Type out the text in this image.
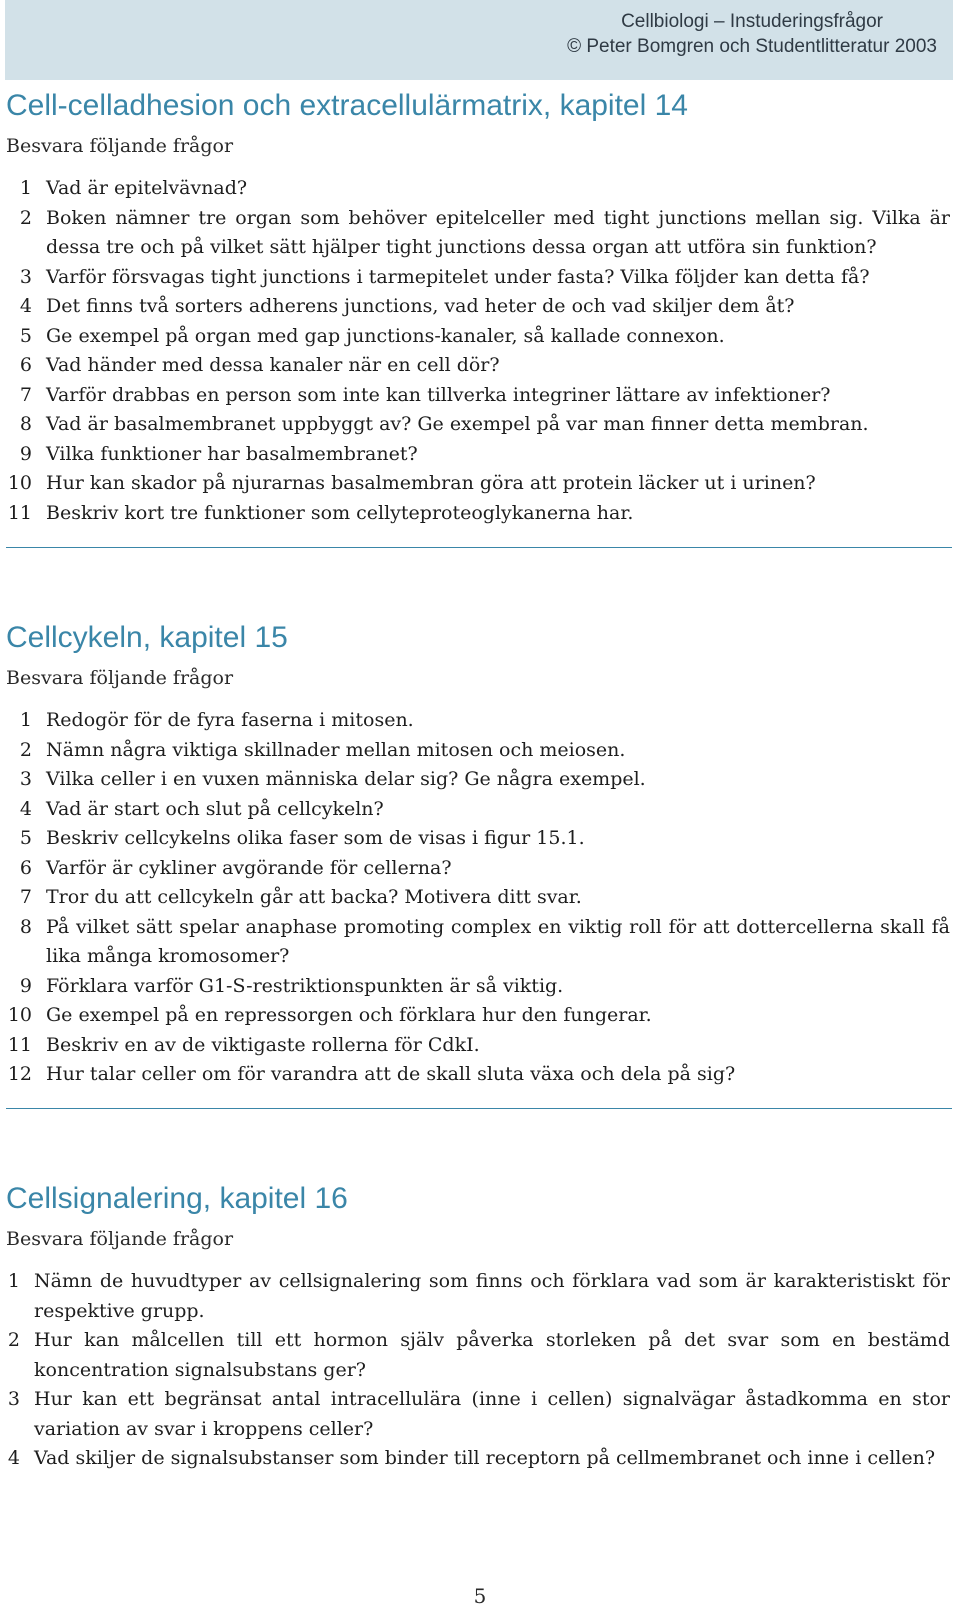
Cellbiologi – Instuderingsfrågor
© Peter Bomgren och Studentlitteratur 2003
Cell-celladhesion och extracellulärmatrix, kapitel 14
Besvara följande frågor
1 Vad är epitelvävnad?
2 Boken nämner tre organ som behöver epitelceller med tight junctions mellan sig. Vilka är dessa tre och på vilket sätt hjälper tight junctions dessa organ att utföra sin funktion?
3 Varför försvagas tight junctions i tarmepitelet under fasta? Vilka följder kan detta få?
4 Det finns två sorters adherens junctions, vad heter de och vad skiljer dem åt?
5 Ge exempel på organ med gap junctions-kanaler, så kallade connexon.
6 Vad händer med dessa kanaler när en cell dör?
7 Varför drabbas en person som inte kan tillverka integriner lättare av infektioner?
8 Vad är basalmembranet uppbyggt av? Ge exempel på var man finner detta membran.
9 Vilka funktioner har basalmembranet?
10 Hur kan skador på njurarnas basalmembran göra att protein läcker ut i urinen?
11 Beskriv kort tre funktioner som cellyteproteoglykanerna har.
Cellcykeln, kapitel 15
Besvara följande frågor
1 Redogör för de fyra faserna i mitosen.
2 Nämn några viktiga skillnader mellan mitosen och meiosen.
3 Vilka celler i en vuxen människa delar sig? Ge några exempel.
4 Vad är start och slut på cellcykeln?
5 Beskriv cellcykelns olika faser som de visas i figur 15.1.
6 Varför är cykliner avgörande för cellerna?
7 Tror du att cellcykeln går att backa? Motivera ditt svar.
8 På vilket sätt spelar anaphase promoting complex en viktig roll för att dottercellerna skall få lika många kromosomer?
9 Förklara varför G1-S-restriktionspunkten är så viktig.
10 Ge exempel på en repressorgen och förklara hur den fungerar.
11 Beskriv en av de viktigaste rollerna för CdkI.
12 Hur talar celler om för varandra att de skall sluta växa och dela på sig?
Cellsignalering, kapitel 16
Besvara följande frågor
1 Nämn de huvudtyper av cellsignalering som finns och förklara vad som är karakteristiskt för respektive grupp.
2 Hur kan målcellen till ett hormon själv påverka storleken på det svar som en bestämd koncentration signalsubstans ger?
3 Hur kan ett begränsat antal intracellulära (inne i cellen) signalvägar åstadkomma en stor variation av svar i kroppens celler?
4 Vad skiljer de signalsubstanser som binder till receptorn på cellmembranet och inne i cellen?
5
